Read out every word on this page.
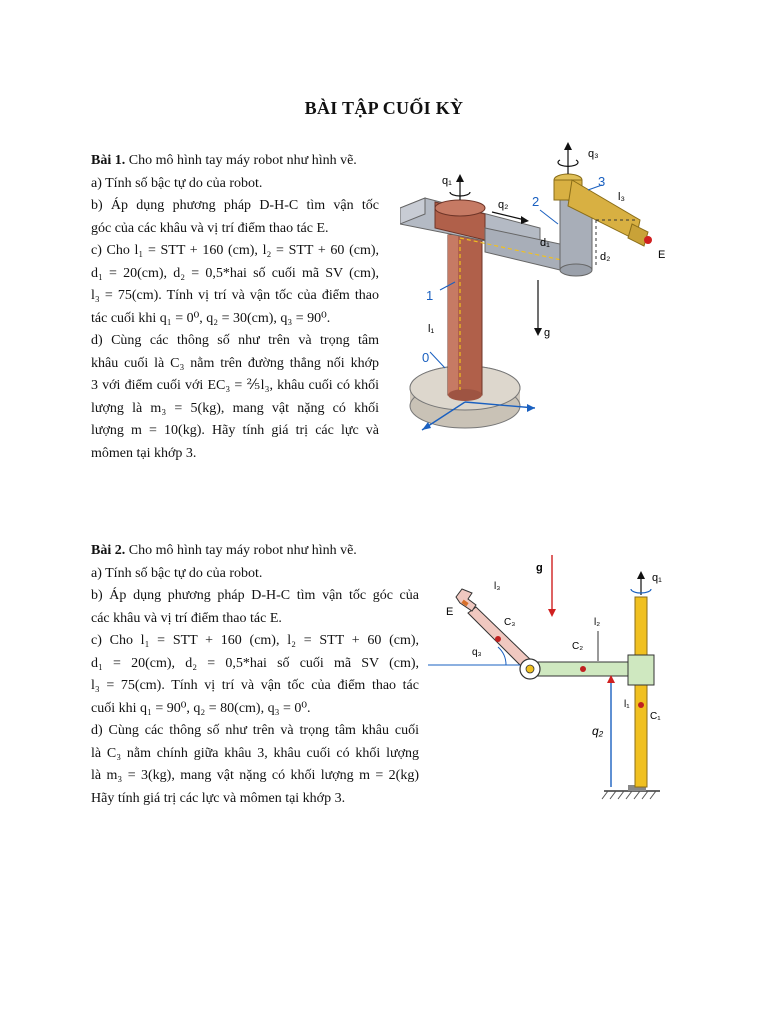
BÀI TẬP CUỐI KỲ
Bài 1. Cho mô hình tay máy robot như hình vẽ.
a) Tính số bậc tự do của robot.
b) Áp dụng phương pháp D-H-C tìm vận tốc
góc của các khâu và vị trí điểm thao tác E.
c) Cho l₁ = STT + 160 (cm), l₂ = STT + 60 (cm),
d₁ = 20(cm), d₂ = 0,5*hai số cuối mã SV (cm),
l₃ = 75(cm). Tính vị trí và vận tốc của điểm thao
tác cuối khi q₁ = 0⁰, q₂ = 30(cm), q₃ = 90⁰.
d) Cùng các thông số như trên và trọng tâm
khâu cuối là C₃ nằm trên đường thẳng nối khớp
3 với điểm cuối với EC₃ = ⅖l₃, khâu cuối có khối
lượng là m₃ = 5(kg), mang vật nặng có khối
lượng m = 10(kg). Hãy tính giá trị các lực và
mômen tại khớp 3.
q₃
q₁
q₂ 2
3
l₃
d₁
d₂	E
1
l₁	g
0
Bài 2. Cho mô hình tay máy robot như hình vẽ.
a) Tính số bậc tự do của robot.
b) Áp dụng phương pháp D-H-C tìm vận tốc góc của
các khâu và vị trí điểm thao tác E.
c) Cho l₁ = STT + 160 (cm), l₂ = STT + 60 (cm),
d₁ = 20(cm), d₂ = 0,5*hai số cuối mã SV (cm),
l₃ = 75(cm). Tính vị trí và vận tốc của điểm thao tác
cuối khi q₁ = 90⁰, q₂ = 80(cm), q₃ = 0⁰.
d) Cùng các thông số như trên và trọng tâm khâu cuối
là C₃ nằm chính giữa khâu 3, khâu cuối có khối lượng
là m₃ = 3(kg), mang vật nặng có khối lượng m = 2(kg)
Hãy tính giá trị các lực và mômen tại khớp 3.
g
q₁
l₃
E
C₃	l₂
C₂
q₃
l₁
C₁
q₂
